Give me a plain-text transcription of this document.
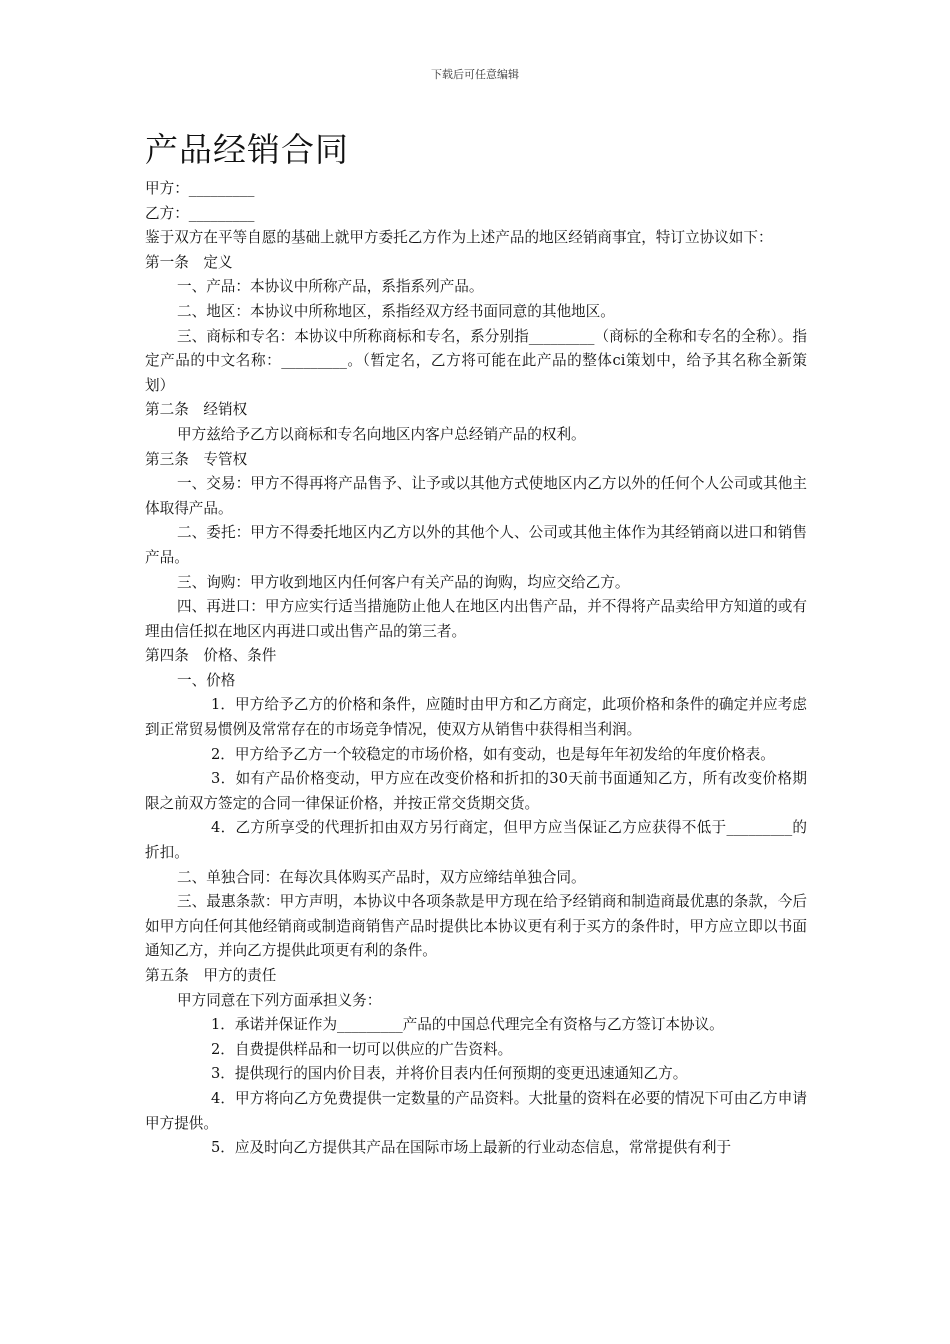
下载后可任意编辑
产品经销合同

甲方：_________

乙方：_________

鉴于双方在平等自愿的基础上就甲方委托乙方作为上述产品的地区经销商事宜，特订立协议如下：

第一条　定义

一、产品：本协议中所称产品，系指系列产品。

二、地区：本协议中所称地区，系指经双方经书面同意的其他地区。

三、商标和专名：本协议中所称商标和专名，系分别指_________（商标的全称和专名的全称）。指定产品的中文名称：_________。（暂定名，乙方将可能在此产品的整体ci策划中，给予其名称全新策划）

第二条　经销权

甲方兹给予乙方以商标和专名向地区内客户总经销产品的权利。

第三条　专管权

一、交易：甲方不得再将产品售予、让予或以其他方式使地区内乙方以外的任何个人公司或其他主体取得产品。

二、委托：甲方不得委托地区内乙方以外的其他个人、公司或其他主体作为其经销商以进口和销售产品。

三、询购：甲方收到地区内任何客户有关产品的询购，均应交给乙方。

四、再进口：甲方应实行适当措施防止他人在地区内出售产品，并不得将产品卖给甲方知道的或有理由信任拟在地区内再进口或出售产品的第三者。

第四条　价格、条件

一、价格

1．甲方给予乙方的价格和条件，应随时由甲方和乙方商定，此项价格和条件的确定并应考虑到正常贸易惯例及常常存在的市场竞争情况，使双方从销售中获得相当利润。

2．甲方给予乙方一个较稳定的市场价格，如有变动，也是每年年初发给的年度价格表。

3．如有产品价格变动，甲方应在改变价格和折扣的30天前书面通知乙方，所有改变价格期限之前双方签定的合同一律保证价格，并按正常交货期交货。

4．乙方所享受的代理折扣由双方另行商定，但甲方应当保证乙方应获得不低于_________的折扣。

二、单独合同：在每次具体购买产品时，双方应缔结单独合同。

三、最惠条款：甲方声明，本协议中各项条款是甲方现在给予经销商和制造商最优惠的条款，今后如甲方向任何其他经销商或制造商销售产品时提供比本协议更有利于买方的条件时，甲方应立即以书面通知乙方，并向乙方提供此项更有利的条件。

第五条　甲方的责任

甲方同意在下列方面承担义务：

1．承诺并保证作为_________产品的中国总代理完全有资格与乙方签订本协议。

2．自费提供样品和一切可以供应的广告资料。

3．提供现行的国内价目表，并将价目表内任何预期的变更迅速通知乙方。

4．甲方将向乙方免费提供一定数量的产品资料。大批量的资料在必要的情况下可由乙方申请甲方提供。

5．应及时向乙方提供其产品在国际市场上最新的行业动态信息，常常提供有利于
